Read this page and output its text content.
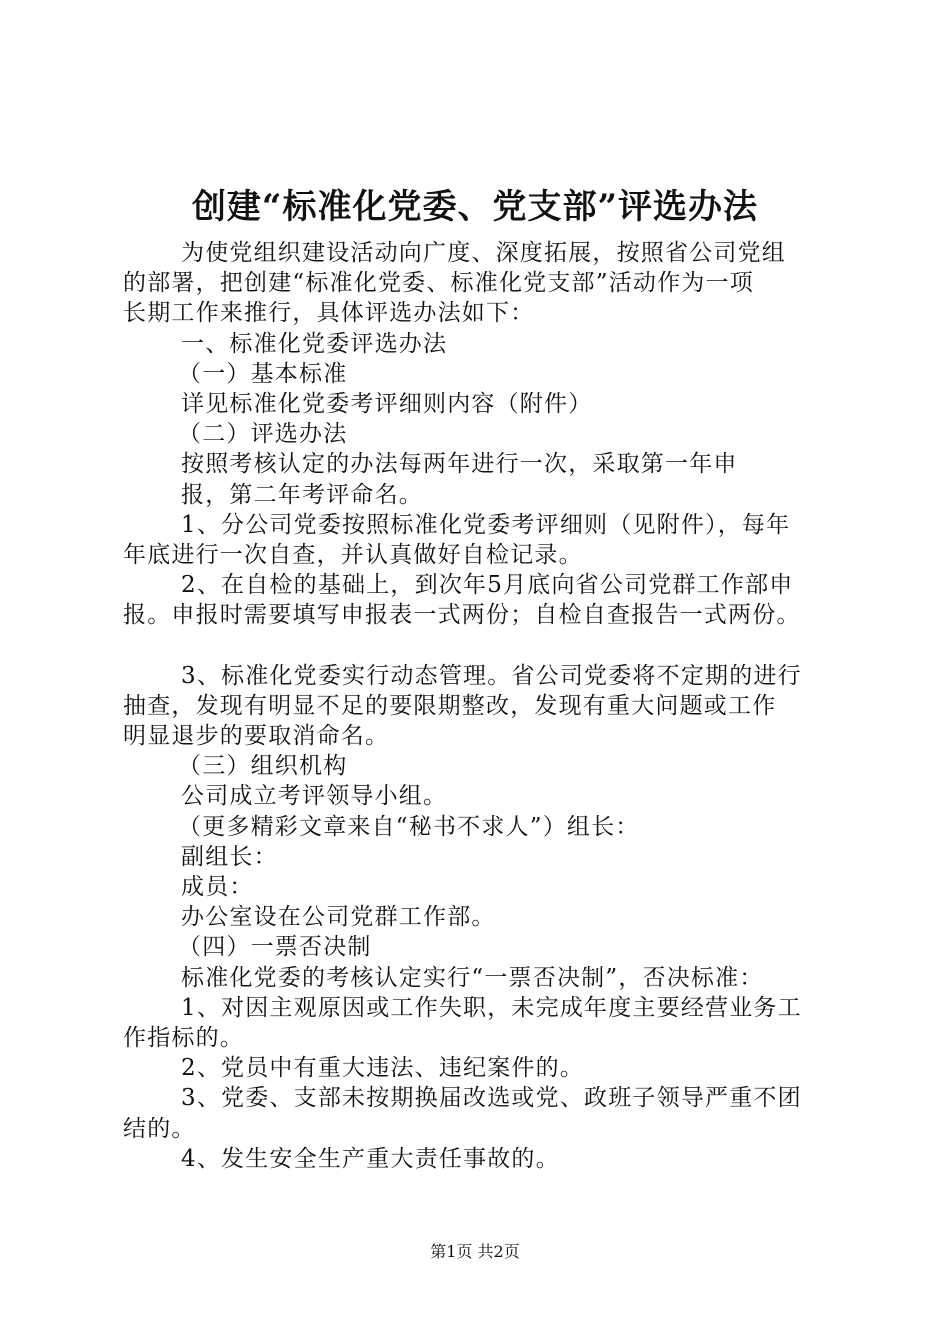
创建“标准化党委、党支部”评选办法

为使党组织建设活动向广度、深度拓展，按照省公司党组

的部署，把创建“标准化党委、标准化党支部”活动作为一项

长期工作来推行，具体评选办法如下：

一、标准化党委评选办法

（一）基本标准

详见标准化党委考评细则内容（附件）

（二）评选办法

按照考核认定的办法每两年进行一次，采取第一年申

报，第二年考评命名。

1、分公司党委按照标准化党委考评细则（见附件），每年

年底进行一次自查，并认真做好自检记录。

2、在自检的基础上，到次年5月底向省公司党群工作部申

报。申报时需要填写申报表一式两份；自检自查报告一式两份。

3、标准化党委实行动态管理。省公司党委将不定期的进行

抽查，发现有明显不足的要限期整改，发现有重大问题或工作

明显退步的要取消命名。

（三）组织机构

公司成立考评领导小组。

（更多精彩文章来自“秘书不求人”）组长：

副组长：

成员：

办公室设在公司党群工作部。

（四）一票否决制

标准化党委的考核认定实行“一票否决制”，否决标准：

1、对因主观原因或工作失职，未完成年度主要经营业务工

作指标的。

2、党员中有重大违法、违纪案件的。

3、党委、支部未按期换届改选或党、政班子领导严重不团

结的。

4、发生安全生产重大责任事故的。

第1页 共2页
